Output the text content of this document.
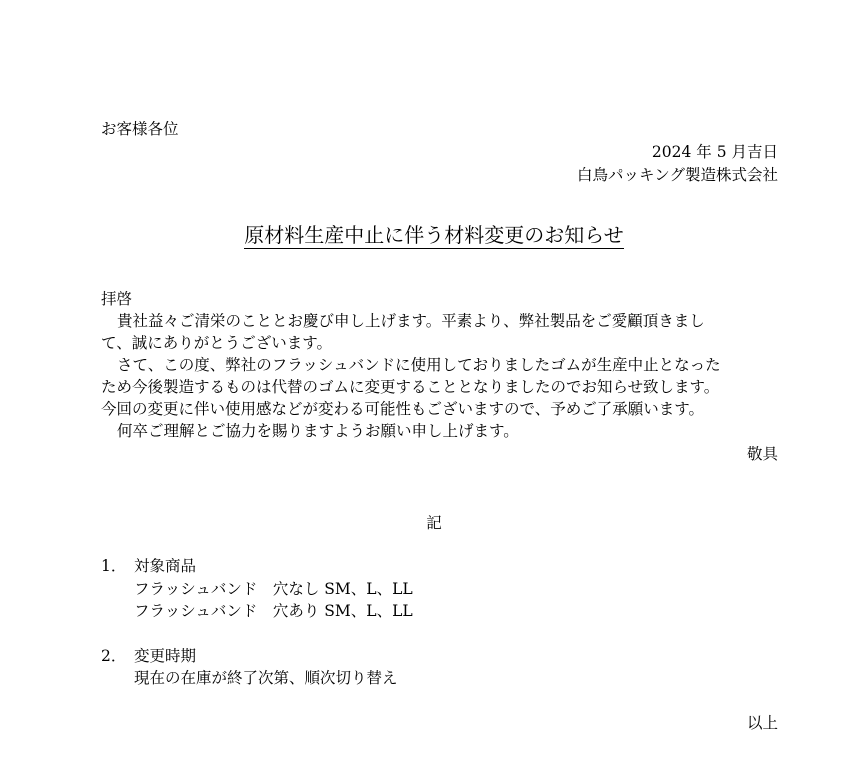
お客様各位
2024 年 5 月吉日
白鳥パッキング製造株式会社
原材料生産中止に伴う材料変更のお知らせ
拝啓
貴社益々ご清栄のこととお慶び申し上げます。平素より、弊社製品をご愛顧頂きまし
て、誠にありがとうございます。
さて、この度、弊社のフラッシュバンドに使用しておりましたゴムが生産中止となった
ため今後製造するものは代替のゴムに変更することとなりましたのでお知らせ致します。
今回の変更に伴い使用感などが変わる可能性もございますので、予めご了承願います。
何卒ご理解とご協力を賜りますようお願い申し上げます。
敬具
記
1． 対象商品
フラッシュバンド　穴なし SM、L、LL
フラッシュバンド　穴あり SM、L、LL
2． 変更時期
現在の在庫が終了次第、順次切り替え
以上
